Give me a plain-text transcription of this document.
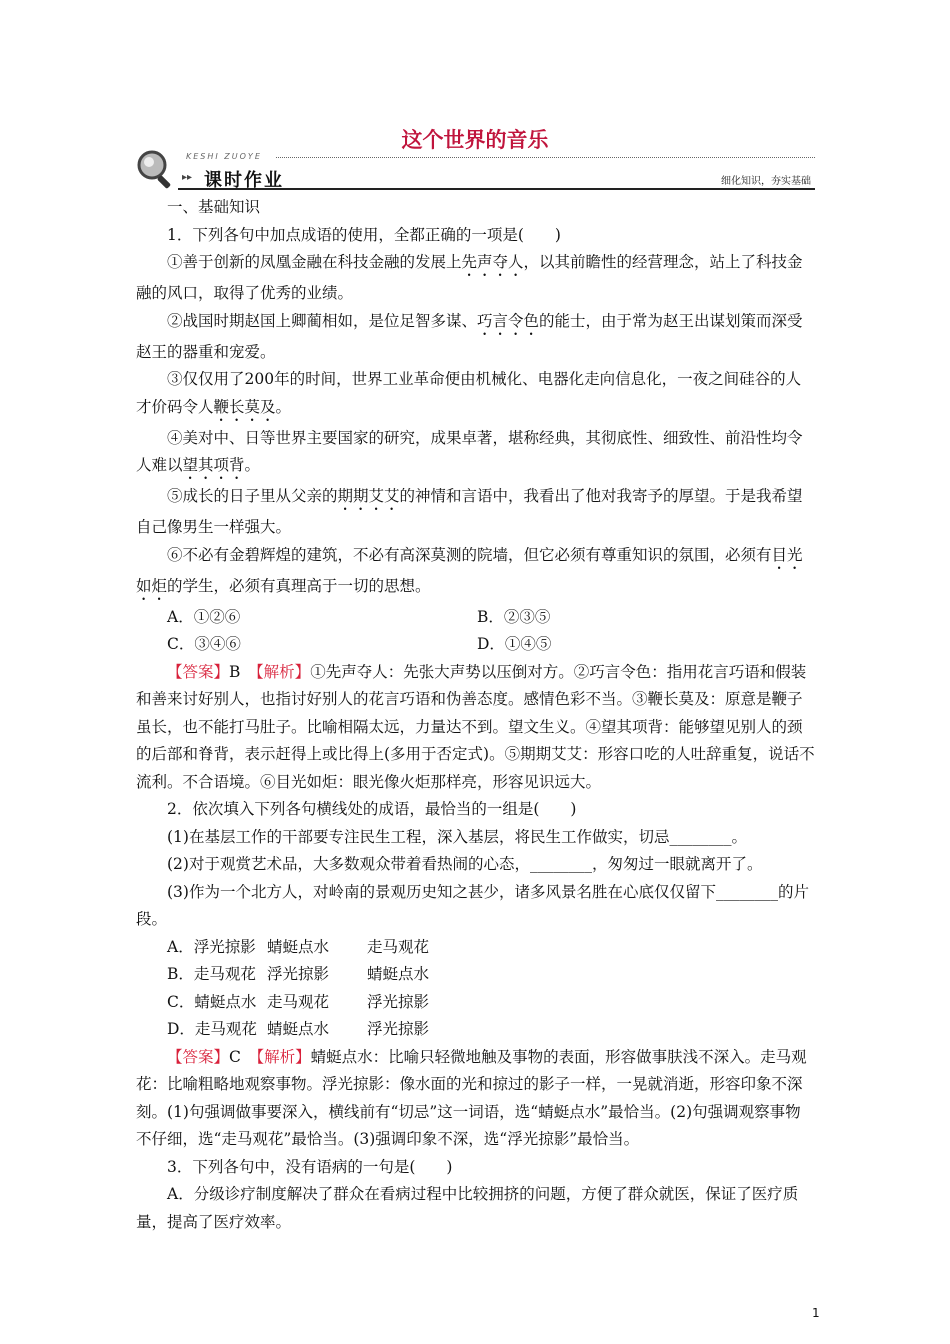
这个世界的音乐
KESHI ZUOYE
▸▸ 课时作业	细化知识，夯实基础

一、基础知识

1．下列各句中加点成语的使用，全都正确的一项是(　　)

①善于创新的凤凰金融在科技金融的发展上先声夺人，以其前瞻性的经营理念，站上了科技金融的风口，取得了优秀的业绩。

②战国时期赵国上卿蔺相如，是位足智多谋、巧言令色的能士，由于常为赵王出谋划策而深受赵王的器重和宠爱。

③仅仅用了200年的时间，世界工业革命便由机械化、电器化走向信息化，一夜之间硅谷的人才价码令人鞭长莫及。

④美对中、日等世界主要国家的研究，成果卓著，堪称经典，其彻底性、细致性、前沿性均令人难以望其项背。

⑤成长的日子里从父亲的期期艾艾的神情和言语中，我看出了他对我寄予的厚望。于是我希望自己像男生一样强大。

⑥不必有金碧辉煌的建筑，不必有高深莫测的院墙，但它必须有尊重知识的氛围，必须有目光如炬的学生，必须有真理高于一切的思想。

A．①②⑥	B．②③⑤
C．③④⑥	D．①④⑤

【答案】B　 【解析】①先声夺人：先张大声势以压倒对方。②巧言令色：指用花言巧语和假装和善来讨好别人，也指讨好别人的花言巧语和伪善态度。感情色彩不当。③鞭长莫及：原意是鞭子虽长，也不能打马肚子。比喻相隔太远，力量达不到。望文生义。④望其项背：能够望见别人的颈的后部和脊背，表示赶得上或比得上(多用于否定式)。⑤期期艾艾：形容口吃的人吐辞重复，说话不流利。不合语境。⑥目光如炬：眼光像火炬那样亮，形容见识远大。

2．依次填入下列各句横线处的成语，最恰当的一组是(　　)

(1)在基层工作的干部要专注民生工程，深入基层，将民生工作做实，切忌________。

(2)对于观赏艺术品，大多数观众带着看热闹的心态，________，匆匆过一眼就离开了。

(3)作为一个北方人，对岭南的景观历史知之甚少，诸多风景名胜在心底仅仅留下________的片段。

A．浮光掠影 蜻蜓点水 走马观花
B．走马观花 浮光掠影 蜻蜓点水
C．蜻蜓点水 走马观花 浮光掠影
D．走马观花 蜻蜓点水 浮光掠影

【答案】C　 【解析】蜻蜓点水：比喻只轻微地触及事物的表面，形容做事肤浅不深入。走马观花：比喻粗略地观察事物。浮光掠影：像水面的光和掠过的影子一样，一晃就消逝，形容印象不深刻。(1)句强调做事要深入，横线前有“切忌”这一词语，选“蜻蜓点水”最恰当。(2)句强调观察事物不仔细，选“走马观花”最恰当。(3)强调印象不深，选“浮光掠影”最恰当。

3．下列各句中，没有语病的一句是(　　)

A．分级诊疗制度解决了群众在看病过程中比较拥挤的问题，方便了群众就医，保证了医疗质量，提高了医疗效率。

1
